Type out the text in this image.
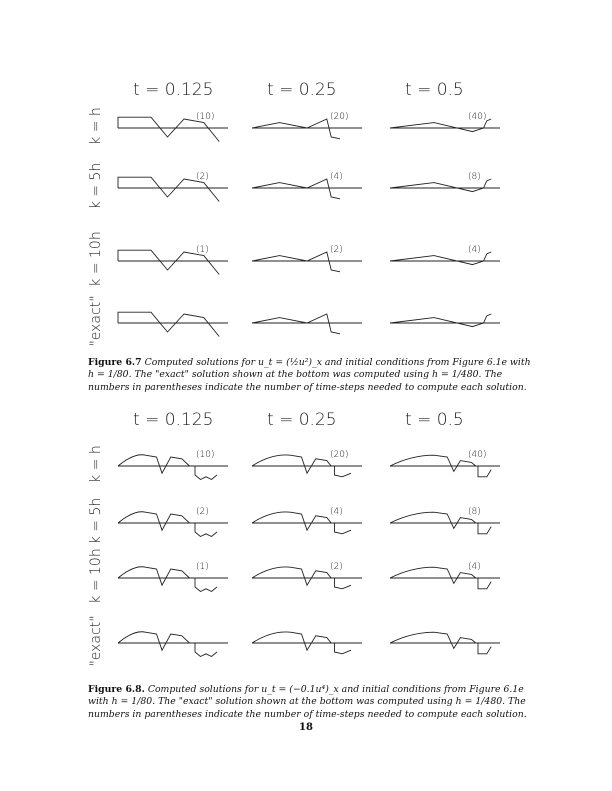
t = 0.125	t = 0.25	t = 0.5
k = h	(10)	(20)	(40)
k = 5h	(2)	(4)	(8)
k = 10h	(1)	(2)	(4)
"exact"
t = 0.125	t = 0.25	t = 0.5
k = h	(10)	(20)	(40)
k = 5h	(2)	(4)	(8)
k = 10h	(1)	(2)	(4)
"exact"
Figure 6.7 Computed solutions for u_t = (½u²)_x and initial conditions from Figure 6.1e with h = 1/80. The "exact" solution shown at the bottom was computed using h = 1/480. The numbers in parentheses indicate the number of time-steps needed to compute each solution.
Figure 6.8. Computed solutions for u_t = (−0.1u⁴)_x and initial conditions from Figure 6.1e with h = 1/80. The "exact" solution shown at the bottom was computed using h = 1/480. The numbers in parentheses indicate the number of time-steps needed to compute each solution.
18
